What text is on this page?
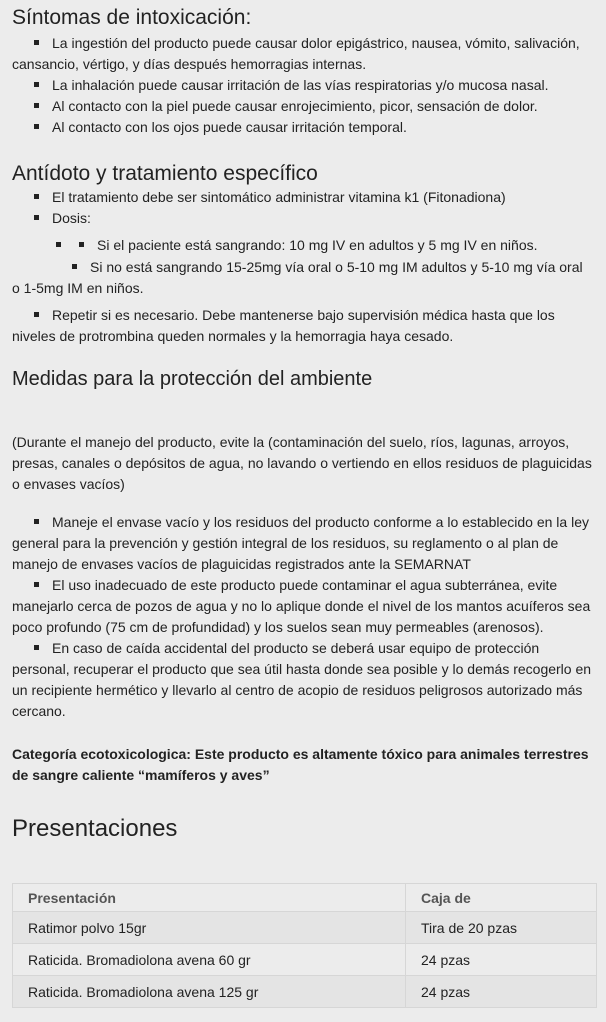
Síntomas de intoxicación:
La ingestión del producto puede causar dolor epigástrico, nausea, vómito, salivación, cansancio, vértigo, y días después hemorragias internas.
La inhalación puede causar irritación de las vías respiratorias y/o mucosa nasal.
Al contacto con la piel puede causar enrojecimiento, picor, sensación de dolor.
Al contacto con los ojos puede causar irritación temporal.
Antídoto y tratamiento específico
El tratamiento debe ser sintomático administrar vitamina k1 (Fitonadiona)
Dosis:
Si el paciente está sangrando: 10 mg IV en adultos y 5 mg IV en niños.
Si no está sangrando 15-25mg vía oral o 5-10 mg IM adultos y 5-10 mg vía oral o 1-5mg IM en niños.
Repetir si es necesario. Debe mantenerse bajo supervisión médica hasta que los niveles de protrombina queden normales y la hemorragia haya cesado.
Medidas para la protección del ambiente
(Durante el manejo del producto, evite la (contaminación del suelo, ríos, lagunas, arroyos, presas, canales o depósitos de agua, no lavando o vertiendo en ellos residuos de plaguicidas o envases vacíos)
Maneje el envase vacío y los residuos del producto conforme a lo establecido en la ley general para la prevención y gestión integral de los residuos, su reglamento o al plan de manejo de envases vacíos de plaguicidas registrados ante la SEMARNAT
El uso inadecuado de este producto puede contaminar el agua subterránea, evite manejarlo cerca de pozos de agua y no lo aplique donde el nivel de los mantos acuíferos sea poco profundo (75 cm de profundidad) y los suelos sean muy permeables (arenosos).
En caso de caída accidental del producto se deberá usar equipo de protección personal, recuperar el producto que sea útil hasta donde sea posible y lo demás recogerlo en un recipiente hermético y llevarlo al centro de acopio de residuos peligrosos autorizado más cercano.
Categoría ecotoxicologica: Este producto es altamente tóxico para animales terrestres de sangre caliente “mamíferos y aves”
Presentaciones
Presentación	Caja de
Ratimor polvo 15gr	Tira de 20 pzas
Raticida. Bromadiolona avena 60 gr	24 pzas
Raticida. Bromadiolona avena 125 gr	24 pzas
